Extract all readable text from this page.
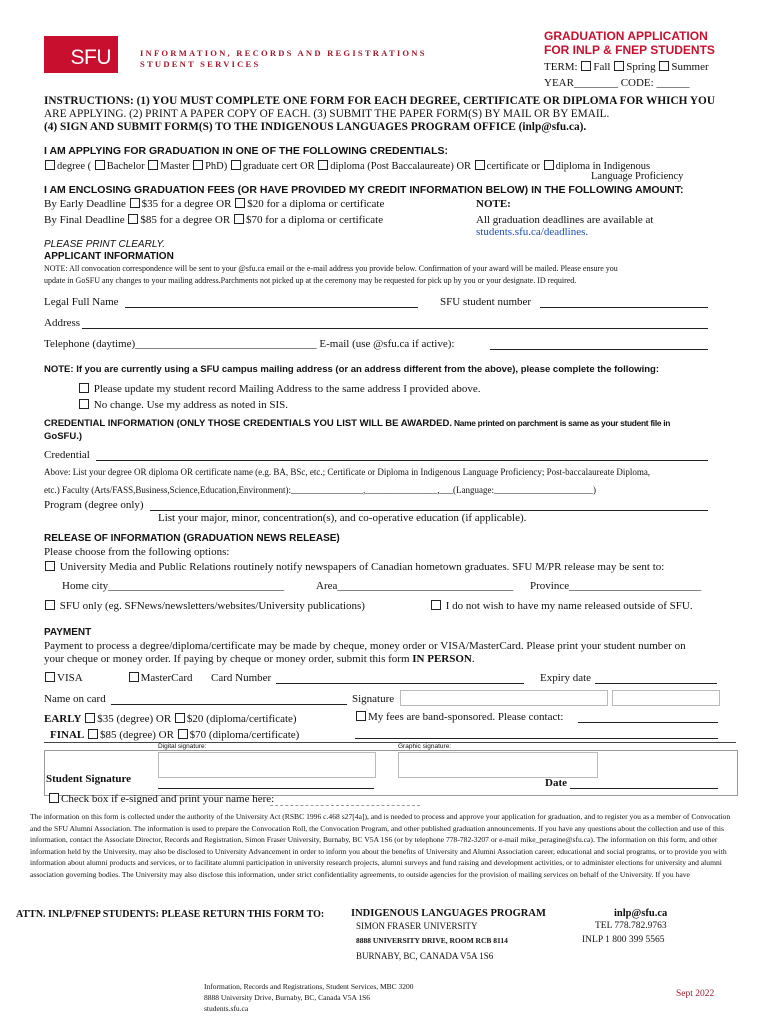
SFU	INFORMATION, RECORDS AND REGISTRATIONS
STUDENT SERVICES
GRADUATION APPLICATION
FOR INLP & FNEP STUDENTS
TERM: Fall Spring Summer
YEAR________ CODE: ______
INSTRUCTIONS: (1) YOU MUST COMPLETE ONE FORM FOR EACH DEGREE, CERTIFICATE OR DIPLOMA FOR WHICH YOU
ARE APPLYING. (2) PRINT A PAPER COPY OF EACH. (3) SUBMIT THE PAPER FORM(S) BY MAIL OR BY EMAIL.
(4) SIGN AND SUBMIT FORM(S) TO THE INDIGENOUS LANGUAGES PROGRAM OFFICE (inlp@sfu.ca).
I AM APPLYING FOR GRADUATION IN ONE OF THE FOLLOWING CREDENTIALS:
degree ( Bachelor Master PhD) graduate cert OR diploma (Post Baccalaureate) OR certificate or diploma in Indigenous
Language Proficiency
I AM ENCLOSING GRADUATION FEES (OR HAVE PROVIDED MY CREDIT INFORMATION BELOW) IN THE FOLLOWING AMOUNT:
By Early Deadline $35 for a degree OR $20 for a diploma or certificate
By Final Deadline $85 for a degree OR $70 for a diploma or certificate
NOTE:
All graduation deadlines are available at
students.sfu.ca/deadlines.
PLEASE PRINT CLEARLY.
APPLICANT INFORMATION
NOTE: All convocation correspondence will be sent to your @sfu.ca email or the e-mail address you provide below. Confirmation of your award will be mailed. Please ensure you
update in GoSFU any changes to your mailing address.Parchments not picked up at the ceremony may be requested for pick up by you or your designate. ID required.
Legal Full Name	SFU student number
Address
Telephone (daytime)_________________________________ E-mail (use @sfu.ca if active):
NOTE: If you are currently using a SFU campus mailing address (or an address different from the above), please complete the following:
Please update my student record Mailing Address to the same address I provided above.
No change. Use my address as noted in SIS.
CREDENTIAL INFORMATION (ONLY THOSE CREDENTIALS YOU LIST WILL BE AWARDED. Name printed on parchment is same as your student file in
GoSFU.)
Credential
Above: List your degree OR diploma OR certificate name (e.g. BA, BSc, etc.; Certificate or Diploma in Indigenous Language Proficiency; Post-baccalaureate Diploma,
etc.) Faculty (Arts/FASS,Business,Science,Education,Environment):________________,________________,___(Language:______________________)
Program (degree only)
List your major, minor, concentration(s), and co-operative education (if applicable).
RELEASE OF INFORMATION (GRADUATION NEWS RELEASE)
Please choose from the following options:
University Media and Public Relations routinely notify newspapers of Canadian hometown graduates. SFU M/PR release may be sent to:
Home city________________________________	Area________________________________ Province________________________
SFU only (eg. SFNews/newsletters/websites/University publications)	I do not wish to have my name released outside of SFU.
PAYMENT
Payment to process a degree/diploma/certificate may be made by cheque, money order or VISA/MasterCard. Please print your student number on
your cheque or money order. If paying by cheque or money order, submit this form IN PERSON.
VISA	MasterCard Card Number	Expiry date
Name on card	Signature
EARLY $35 (degree) OR $20 (diploma/certificate)
FINAL $85 (degree) OR $70 (diploma/certificate)
My fees are band-sponsored. Please contact:
Digital signature:	Graphic signature:
Student Signature	Date
Check box if e-signed and print your name here:
The information on this form is collected under the authority of the University Act (RSBC 1996 c.468 s27[4a]), and is needed to process and approve your application for graduation, and to register you as a member of Convocation and the SFU Alumni Association. The information is used to prepare the Convocation Roll, the Convocation Program, and other published graduation announcements. If you have any questions about the collection and use of this information, contact the Associate Director, Records and Registration, Simon Fraser University, Burnaby, BC V5A 1S6 (or by telephone 778-782-3207 or e-mail mike_peragine@sfu.ca). The information on this form, and other information held by the University, may also be disclosed to University Advancement in order to inform you about the benefits of University and Alumni Association career, educational and social programs, or to provide you with information about alumni products and services, or to facilitate alumni participation in university research projects, alumni surveys and fund raising and development activities, or to administer elections for university and alumni association governing bodies. The University may also disclose this information, under strict confidentiality agreements, to outside agencies for the provision of mailing services on behalf of the University. If you have
ATTN. INLP/FNEP STUDENTS: PLEASE RETURN THIS FORM TO:	INDIGENOUS LANGUAGES PROGRAM
SIMON FRASER UNIVERSITY
8888 UNIVERSITY DRIVE, ROOM RCB 8114
BURNABY, BC, CANADA V5A 1S6
inlp@sfu.ca
TEL 778.782.9763
INLP 1 800 399 5565
Information, Records and Registrations, Student Services, MBC 3200
8888 University Drive, Burnaby, BC, Canada V5A 1S6
students.sfu.ca
Sept 2022
